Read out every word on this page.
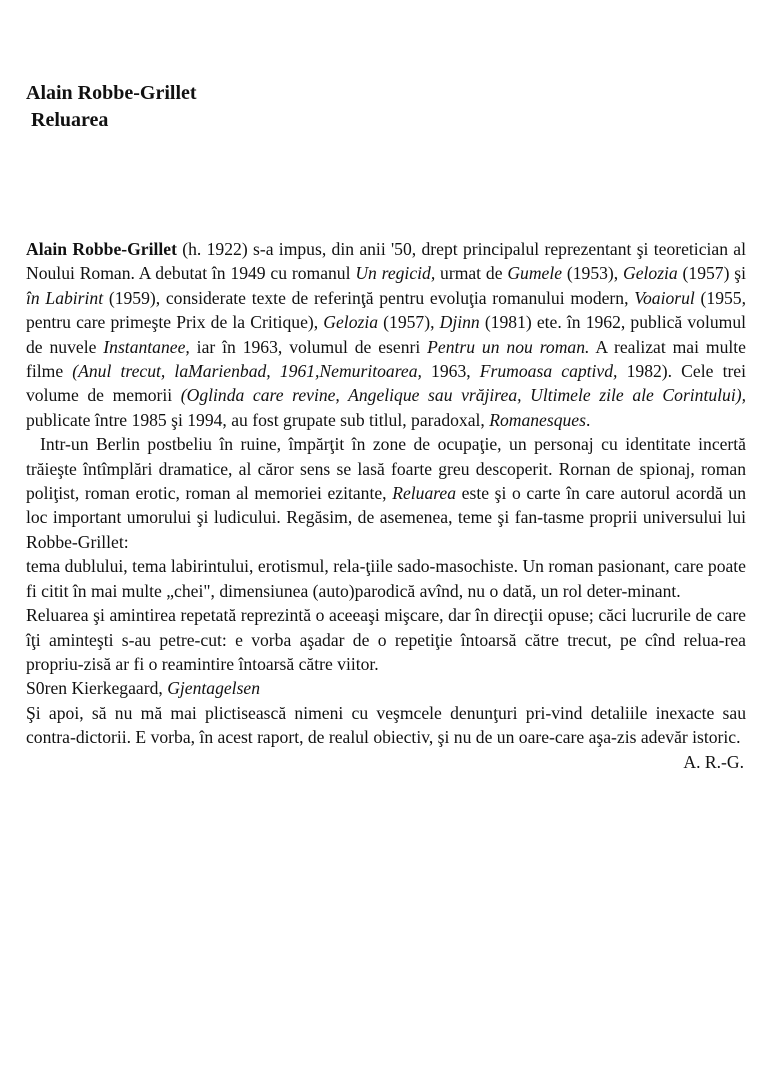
Alain Robbe-Grillet
Reluarea

Alain Robbe-Grillet (h. 1922) s-a impus, din anii '50, drept principalul reprezentant şi teoretician al Noului Roman. A debutat în 1949 cu romanul Un regicid, urmat de Gumele (1953), Gelozia (1957) şi în Labirint (1959), considerate texte de referinţă pentru evoluţia romanului modern, Voaiorul (1955, pentru care primeşte Prix de la Critique), Gelozia (1957), Djinn (1981) ete. în 1962, publică volumul de nuvele Instantanee, iar în 1963, volumul de esenri Pentru un nou roman. A realizat mai multe filme (Anul trecut, laMarienbad, 1961,Nemuritoarea, 1963, Frumoasa captivd, 1982). Cele trei volume de memorii (Oglinda care revine, Angelique sau vrăjirea, Ultimele zile ale Corintului), publicate între 1985 şi 1994, au fost grupate sub titlul, paradoxal, Romanesques.

Intr-un Berlin postbeliu în ruine, împărţit în zone de ocupaţie, un personaj cu identitate incertă trăieşte întîmplări dramatice, al căror sens se lasă foarte greu descoperit. Rornan de spionaj, roman poliţist, roman erotic, roman al memoriei ezitante, Reluarea este şi o carte în care autorul acordă un loc important umorului şi ludicului. Regăsim, de asemenea, teme şi fan-tasme proprii universului lui Robbe-Grillet:

tema dublului, tema labirintului, erotismul, rela-ţiile sado-masochiste. Un roman pasionant, care poate fi citit în mai multe „chei", dimensiunea (auto)parodică avînd, nu o dată, un rol deter-minant.

Reluarea şi amintirea repetată reprezintă o aceeaşi mişcare, dar în direcţii opuse; căci lucrurile de care îţi aminteşti s-au petre-cut: e vorba aşadar de o repetiţie întoarsă către trecut, pe cînd relua-rea propriu-zisă ar fi o reamintire întoarsă către viitor.

S0ren Kierkegaard, Gjentagelsen

Şi apoi, să nu mă mai plictisească nimeni cu veşmcele denunţuri pri-vind detaliile inexacte sau contra-dictorii. E vorba, în acest raport, de realul obiectiv, şi nu de un oare-care aşa-zis adevăr istoric.

A. R.-G.
